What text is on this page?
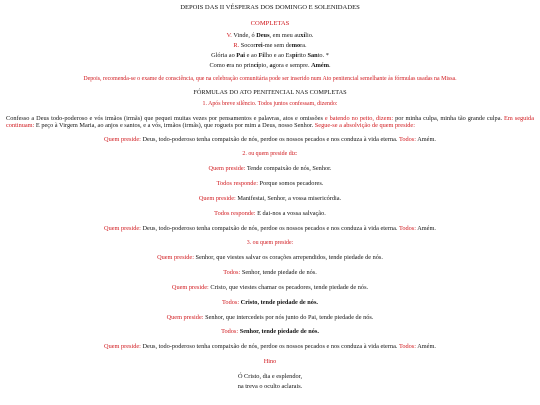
DEPOIS DAS II VÉSPERAS DOS DOMINGO E SOLENIDADES

COMPLETAS

V. Vinde, ó Deus, em meu auxílio.

R. Socorrei-me sem demora.

Glória ao Pai e ao Filho e ao Espírito Santo. *

Como era no princípio, agora e sempre. Amém.

Depois, recomenda-se o exame de consciência, que na celebração comunitária pode ser inserido num Ato penitencial semelhante às fórmulas usadas na Missa.

FÓRMULAS DO ATO PENITENCIAL NAS COMPLETAS

1. Após breve silêncio. Todos juntos confessam, dizendo:

Confesso a Deus todo-poderoso e vós irmãos (irmãs) que pequei muitas vezes por pensamentos e palavras, atos e omissões e batendo no peito, dizem: por minha culpa, minha tão grande culpa. Em seguida continuam: E peço à Virgem Maria, ao anjos e santos, e a vós, irmãos (irmãs), que rogueis por mim a Deus, nosso Senhor. Segue-se a absolvição de quem preside:

Quem preside: Deus, todo-poderoso tenha compaixão de nós, perdoe os nossos pecados e nos conduza à vida eterna. Todos: Amém.

2. ou quem preside diz:

Quem preside: Tende compaixão de nós, Senhor.

Todos responde: Porque somos pecadores.

Quem preside: Manifestai, Senhor, a vossa misericórdia.

Todos responde: E dai-nos a vossa salvação.

Quem preside: Deus, todo-poderoso tenha compaixão de nós, perdoe os nossos pecados e nos conduza à vida eterna. Todos: Amém.

3. ou quem preside:

Quem preside: Senhor, que viestes salvar os corações arrependidos, tende piedade de nós.

Todos: Senhor, tende piedade de nós.

Quem preside: Cristo, que viestes chamar os pecadores, tende piedade de nós.

Todos: Cristo, tende piedade de nós.

Quem preside: Senhor, que intercedeis por nós junto do Pai, tende piedade de nós.

Todos: Senhor, tende piedade de nós.

Quem preside: Deus, todo-poderoso tenha compaixão de nós, perdoe os nossos pecados e nos conduza à vida eterna. Todos: Amém.

Hino

Ó Cristo, dia e esplendor,

na treva o oculto aclarais.
